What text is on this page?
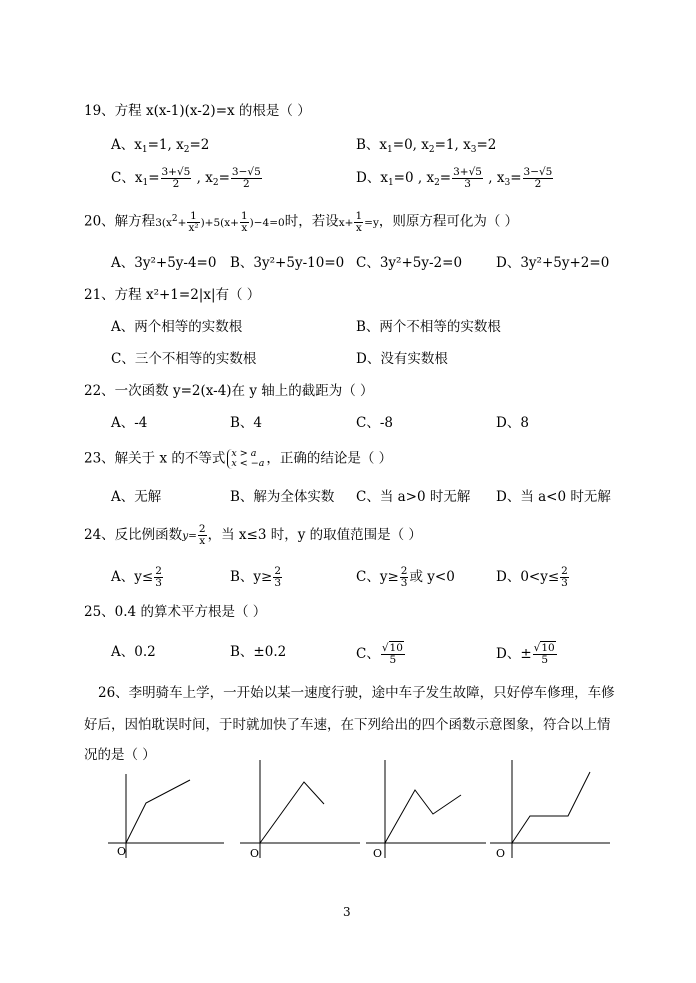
19、方程 x(x-1)(x-2)=x 的根是（ ）
A、$x_1=1$, $x_2=2$	B、$x_1=0$, $x_2=1$, $x_3=2$
C、$x_1= \frac{3+√5}{2}$ , $x_2= \frac{3-√5}{2}$	D、$x_1=0$ , $x_2= \frac{3+√5}{3}$ , $x_3= \frac{3-√5}{2}$
20、解方程$3(x^2+ \frac{1}{\text{x²}} )+5(x+ \frac{1}{x} )-4=0$时，若设$x+ \frac{1}{x} =y$，则原方程可化为（ ）
A、3y²+5y-4=0 B、3y²+5y-10=0 C、3y²+5y-2=0	D、3y²+5y+2=0
21、方程 x²+1=2|x|有（ ）
A、两个相等的实数根	B、两个不相等的实数根
C、三个不相等的实数根	D、没有实数根
22、一次函数 y=2(x-4)在 y 轴上的截距为（ ）
A、-4	B、4	C、-8	D、8
23、解关于 x 的不等式 x > a
x < −a ，正确的结论是（ ）
A、无解	B、解为全体实数 C、当 a>0 时无解 D、当 a<0 时无解
24、反比例函数$y= \frac{2}{x}$ ，当 x≤3 时，y 的取值范围是（ ）
A、$y\le \frac{2}{3}$	B、$y\ge \frac{2}{3}$	C、$y\ge \frac{2}{3}$ 或 y<0	D、$0<y\le \frac{2}{3}$
25、0.4 的算术平方根是（ ）
A、0.2	B、±0.2	C、 $\frac{√10}{5}$	D、± $\frac{√10}{5}$
26、李明骑车上学，一开始以某一速度行驶，途中车子发生故障，只好停车修理，车修
好后，因怕耽误时间，于时就加快了车速，在下列给出的四个函数示意图象，符合以上情
况的是（ ）
O	O	O	O
3
